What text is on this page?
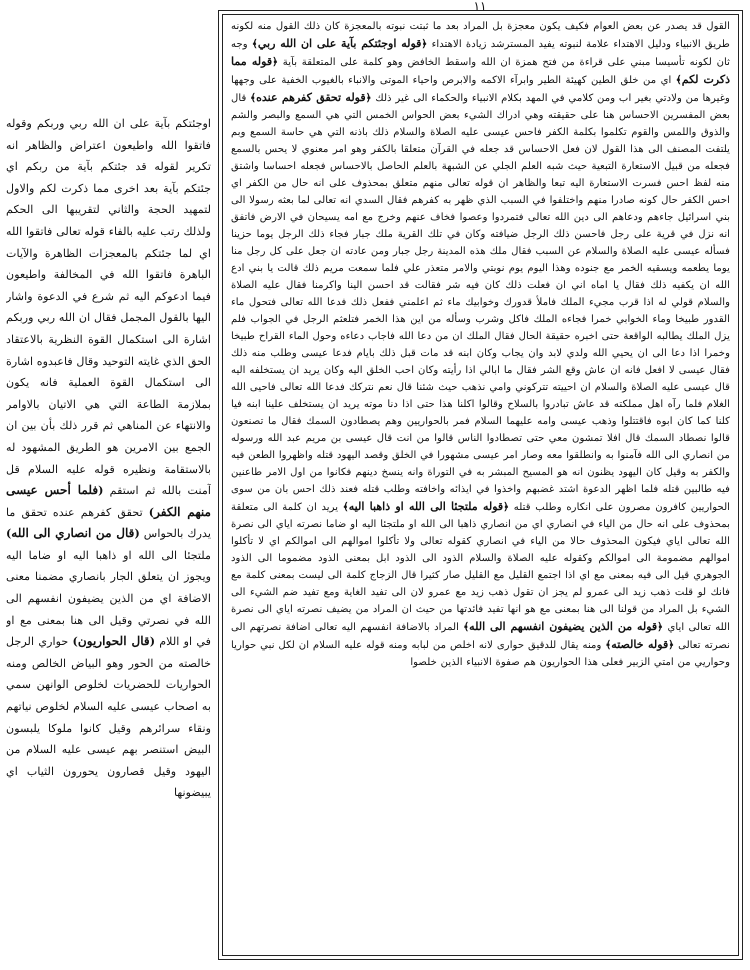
١١

القول قد يصدر عن بعض العوام فكيف يكون معجزة بل المراد بعد ما ثبتت نبوته بالمعجزة كان ذلك القول منه لكونه طريق الانبياء ودليل الاهتداء علامة لنبوته يفيد المسترشد زيادة الاهتداء ﴿قوله اوجئتكم بآية على ان الله ربي﴾ وجه ثان لكونه تأسيسا مبني على قراءة من فتح همزة ان الله واسقط الخافض وهو كلمة على المتعلقة بآية ﴿قوله مما ذكرت لكم﴾ اي من خلق الطين كهيئة الطير وابرآء الاكمه والابرص واحياء الموتى والانباء بالغيوب الخفية على وجهها وغيرها من ولادتي بغير اب ومن كلامي في المهد بكلام الانبياء والحكماء الى غير ذلك ﴿قوله تحقق كفرهم عنده﴾ قال بعض المفسرين الاحساس هنا على حقيقته وهي ادراك الشيء بعض الحواس الخمس التي هي السمع والبصر والشم والذوق واللمس والقوم تكلموا بكلمة الكفر فاحس عيسى عليه الصلاة والسلام ذلك باذنه التي هي حاسة السمع وبم يلتفت المصنف الى هذا القول لان فعل الاحساس قد جعله في القرآن متعلقا بالكفر وهو امر معنوي لا يحس بالسمع فجعله من قبيل الاستعارة التبعية حيث شبه العلم الجلي عن الشبهة بالعلم الحاصل بالاحساس فجعله احساسا واشتق منه لفظ احس فسرت الاستعارة اليه تبعا والظاهر ان قوله تعالى منهم متعلق بمحذوف على انه حال من الكفر اي احس الكفر حال كونه صادرا منهم واختلفوا في السبب الذي ظهر به كفرهم فقال السدي انه تعالى لما بعثه رسولا الى بني اسرائيل جاءهم ودعاهم الى دين الله تعالى فتمردوا وعصوا فخاف عنهم وخرج مع امه يسيحان في الارض فاتفق انه نزل في قرية على رجل فاحسن ذلك الرجل ضيافته وكان في تلك القرية ملك جبار فجاء ذلك الرجل يوما حزينا فسأله عيسى عليه الصلاة والسلام عن السبب فقال ملك هذه المدينة رجل جبار ومن عادته ان جعل على كل رجل منا يوما يطعمه ويسقيه الخمر مع جنوده وهذا اليوم يوم نوبتي والامر متعذر علي فلما سمعت مريم ذلك قالت يا بني ادع الله ان يكفيه ذلك فقال يا اماه اني ان فعلت ذلك كان فيه شر فقالت قد احسن الينا واكرمنا فقال عليه الصلاة والسلام قولي له اذا قرب مجيء الملك فاملأ قدورك وخوابيك ماء ثم اعلمني ففعل ذلك فدعا الله تعالى فتحول ماء القدور طبيخا وماء الخوابي خمرا فجاءه الملك فاكل وشرب وسأله من اين هذا الخمر فتلعثم الرجل في الجواب فلم يزل الملك يطالبه الواقعة حتى اخبره حقيقة الحال فقال الملك ان من دعا الله فاجاب دعاءه وحول الماء القراح طبيخا وخمرا اذا دعا الى ان يحيي الله ولدي لابد وان يجاب وكان ابنه قد مات قبل ذلك بايام فدعا عيسى وطلب منه ذلك فقال عيسى لا افعل فانه ان عاش وقع الشر فقال ما ابالي اذا رأيته وكان احب الخلق اليه وكان يريد ان يستخلفه اليه قال عيسى عليه الصلاة والسلام ان احييته تتركوني وامي نذهب حيث شئنا قال نعم نتركك فدعا الله تعالى فاحيى الله الغلام فلما رآه اهل مملكته قد عاش تبادروا بالسلاح وقالوا اكلنا هذا حتى اذا دنا موته يريد ان يستخلف علينا ابنه فيا كلنا كما كان ابوه فاقتتلوا وذهب عيسى وامه عليهما السلام فمر بالحواريين وهم يصطادون السمك فقال ما تصنعون قالوا نصطاد السمك قال افلا تمشون معي حتى تصطادوا الناس قالوا من انت قال عيسى بن مريم عبد الله ورسوله من انصاري الى الله فآمنوا به وانطلقوا معه وصار امر عيسى مشهورا في الخلق وقصد اليهود قتله واظهروا الطعن فيه والكفر به وقيل كان اليهود يظنون انه هو المسيح المبشر به في التوراة وانه ينسخ دينهم فكانوا من اول الامر طاعنين فيه طالبين قتله فلما اظهر الدعوة اشتد غضبهم واخذوا في ايذائه واخافته وطلب قتله فعند ذلك احس بان من سوى الحواريين كافرون مصرون على انكاره وطلب قتله ﴿قوله ملتجئا الى الله او ذاهبا اليه﴾ يريد ان كلمة الى متعلقة بمحذوف على انه حال من الياء في انصاري اي من انصاري ذاهبا الى الله او ملتجئا اليه او ضاما نصرته اياي الى نصرة الله تعالى اياي فيكون المحذوف حالا من الياء في انصاري كقوله تعالى ولا تأكلوا اموالهم الى اموالكم اي لا تأكلوا اموالهم مضمومة الى اموالكم وكقوله عليه الصلاة والسلام الذود الى الذود ابل بمعنى الذود مضموما الى الذود الجوهري قيل الى فيه بمعنى مع اي اذا اجتمع القليل مع القليل صار كثيرا قال الزجاج كلمة الى ليست بمعنى كلمة مع فانك لو قلت ذهب زيد الى عمرو لم يجز ان تقول ذهب زيد مع عمرو لان الى تفيد الغاية ومع تفيد ضم الشيء الى الشيء بل المراد من قولنا الى هنا بمعنى مع هو انها تفيد فائدتها من حيث ان المراد من يضيف نصرته اياي الى نصرة الله تعالى اياي ﴿قوله من الذين يضيفون انفسهم الى الله﴾ المراد بالاضافة انفسهم اليه تعالى اضافة نصرتهم الى نصرته تعالى ﴿قوله خالصته﴾ ومنه يقال للدقيق حوارى لانه اخلص من لبابه ومنه قوله عليه السلام ان لكل نبي حواريا وحواريي من امتي الزبير فعلى هذا الحواريون هم صفوة الانبياء الذين خلصوا

اوجئتكم بآية على ان الله ربي وربكم وقوله فاتقوا الله واطيعون اعتراض والظاهر انه تكرير لقوله قد جئتكم بآية من ربكم اي جئتكم بآية بعد اخرى مما ذكرت لكم والاول لتمهيد الحجة والثاني لتقريبها الى الحكم ولذلك رتب عليه بالفاء قوله تعالى فاتقوا الله اي لما جئتكم بالمعجزات الظاهرة والآيات الباهرة فاتقوا الله في المخالفة واطيعون فيما ادعوكم اليه ثم شرع في الدعوة واشار اليها بالقول المجمل فقال ان الله ربي وربكم اشارة الى استكمال القوة النظرية بالاعتقاد الحق الذي غايته التوحيد وقال فاعبدوه اشارة الى استكمال القوة العملية فانه يكون بملازمة الطاعة التي هي الاتيان بالاوامر والانتهاء عن المناهي ثم قرر ذلك بأن بين ان الجمع بين الامرين هو الطريق المشهود له بالاستقامة ونظيره قوله عليه السلام قل آمنت بالله ثم استقم (فلما أحس عيسى منهم الكفر) تحقق كفرهم عنده تحقق ما يدرك بالحواس (قال من انصاري الى الله) ملتجئا الى الله او ذاهبا اليه او ضاما اليه ويجوز ان يتعلق الجار بانصاري مضمنا معنى الاضافة اي من الذين يضيفون انفسهم الى الله في نصرتي وقيل الى هنا بمعنى مع او في او اللام (قال الحواريون) حواري الرجل خالصته من الحور وهو البياض الخالص ومنه الحواريات للحضريات لخلوص الوانهن سمي به اصحاب عيسى عليه السلام لخلوص نياتهم ونقاء سرائرهم وقيل كانوا ملوكا يلبسون البيض استنصر بهم عيسى عليه السلام من اليهود وقيل قصارون يحورون الثياب اي يبيضونها
